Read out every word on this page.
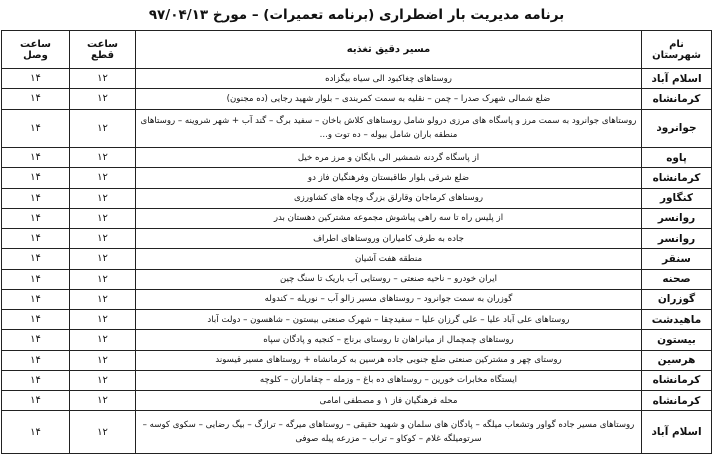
برنامه مدیریت بار اضطراری (برنامه تعمیرات) – مورخ ۹۷/۰۴/۱۳
نام شهرستان	مسیر دقیق تغذیه	ساعت قطع	ساعت وصل
اسلام آباد	روستاهای چغاکبود الی سیاه بیگزاده	۱۲	۱۴
کرمانشاه	ضلع شمالی شهرک صدرا – چمن – نقلیه به سمت کمربندی – بلوار شهید رجایی (ده مجنون)	۱۲	۱۴
جوانرود	روستاهای جوانرود به سمت مرز و پاسگاه های مرزی درولو شامل روستاهای کلاش باخان – سفید برگ – گند آب + شهر شروینه – روستاهای منطقه باران شامل بیوله – ده توت و...	۱۲	۱۴
پاوه	از پاسگاه گردنه شمشیر الی بایگان و مرز مره خیل	۱۲	۱۴
کرمانشاه	ضلع شرقی بلوار طاقبستان وفرهنگیان فاز دو	۱۲	۱۴
کنگاور	روستاهای کرماجان وقارلق بزرگ وچاه های کشاورزی	۱۲	۱۴
روانسر	از پلیس راه تا سه راهی پیاشوش مجموعه مشترکین دهستان بدر	۱۲	۱۴
روانسر	جاده به طرف کامیاران وروستاهای اطراف	۱۲	۱۴
سنقر	منطقه هفت آشیان	۱۲	۱۴
صحنه	ایران خودرو – ناحیه صنعتی – روستایی آب باریک تا سنگ چین	۱۲	۱۴
گوزران	گوزران به سمت جوانرود – روستاهای مسیر زالو آب – نوریله – کندوله	۱۲	۱۴
ماهیدشت	روستاهای علی آباد علیا – علی گرزان علیا – سفیدچقا – شهرک صنعتی بیستون – شاهسون – دولت آباد	۱۲	۱۴
بیستون	روستاهای چمچمال از میانراهان تا روستای برناج – کنجیه و پادگان سپاه	۱۲	۱۴
هرسین	روستای چهر و مشترکین صنعتی ضلع جنوبی جاده هرسین به کرمانشاه + روستاهای مسیر قیسوند	۱۲	۱۴
کرمانشاه	ایستگاه مخابرات خورین – روستاهای ده باغ – وزمله – چقاماران – کلوچه	۱۲	۱۴
کرمانشاه	محله فرهنگیان فاز ۱ و مصطفی امامی	۱۲	۱۴
اسلام آباد	روستاهای مسیر جاده گواور وتشعاب میلگه – پادگان های سلمان و شهید حقیقی – روستاهای میرگه – ترازگ – بیگ رضایی – سکوی کوسه – سرتومیلگه غلام – کوکاو – تراب – مزرعه پیله صوفی	۱۲	۱۴
